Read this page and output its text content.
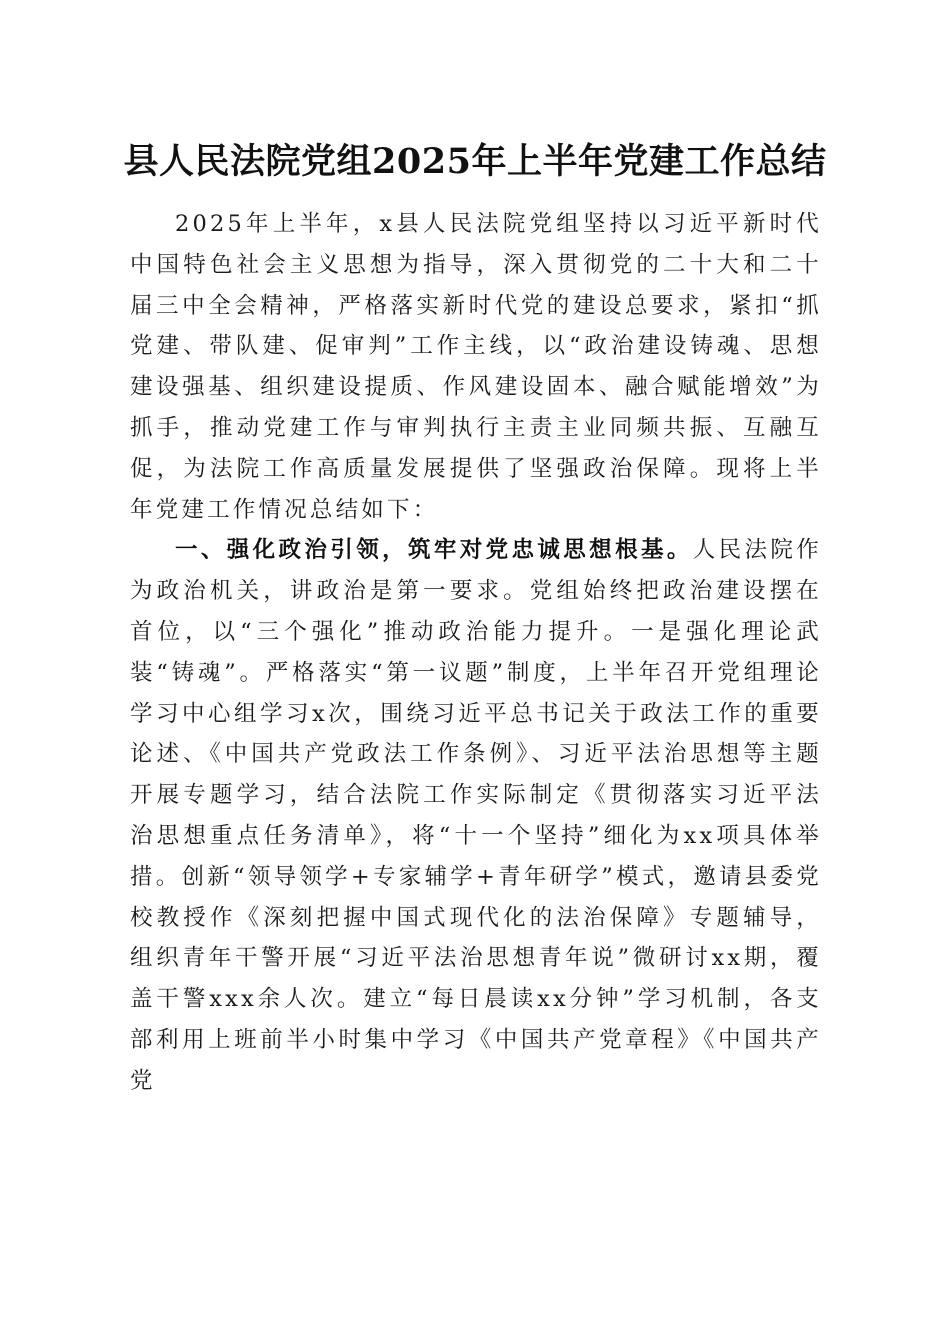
县人民法院党组2025年上半年党建工作总结

2025年上半年，x县人民法院党组坚持以习近平新时代中国特色社会主义思想为指导，深入贯彻党的二十大和二十届三中全会精神，严格落实新时代党的建设总要求，紧扣“抓党建、带队建、促审判”工作主线，以“政治建设铸魂、思想建设强基、组织建设提质、作风建设固本、融合赋能增效”为抓手，推动党建工作与审判执行主责主业同频共振、互融互促，为法院工作高质量发展提供了坚强政治保障。现将上半年党建工作情况总结如下：

一、强化政治引领，筑牢对党忠诚思想根基。人民法院作为政治机关，讲政治是第一要求。党组始终把政治建设摆在首位，以“三个强化”推动政治能力提升。一是强化理论武装“铸魂”。严格落实“第一议题”制度，上半年召开党组理论学习中心组学习x次，围绕习近平总书记关于政法工作的重要论述、《中国共产党政法工作条例》、习近平法治思想等主题开展专题学习，结合法院工作实际制定《贯彻落实习近平法治思想重点任务清单》，将“十一个坚持”细化为xx项具体举措。创新“领导领学+专家辅学+青年研学”模式，邀请县委党校教授作《深刻把握中国式现代化的法治保障》专题辅导，组织青年干警开展“习近平法治思想青年说”微研讨xx期，覆盖干警xxx余人次。建立“每日晨读xx分钟”学习机制，各支部利用上班前半小时集中学习《中国共产党章程》《中国共产党
